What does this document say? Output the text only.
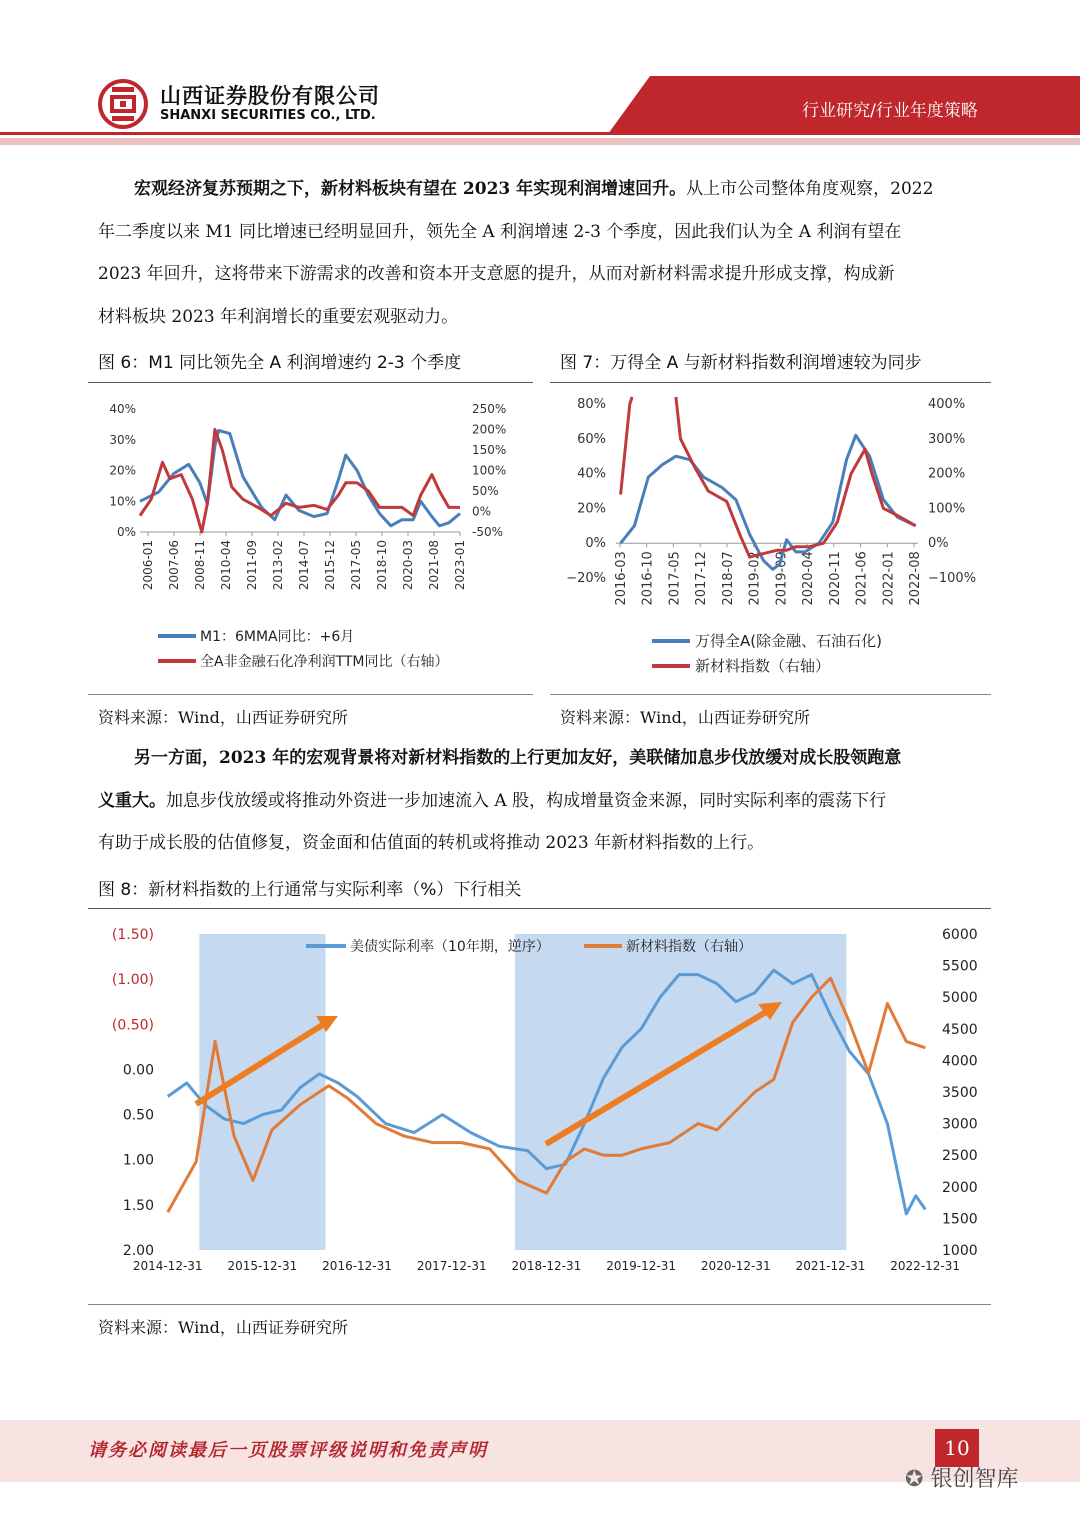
山西证券股份有限公司
SHANXI SECURITIES CO., LTD.	行业研究/行业年度策略
宏观经济复苏预期之下，新材料板块有望在 2023 年实现利润增速回升。从上市公司整体角度观察，2022
年二季度以来 M1 同比增速已经明显回升，领先全 A 利润增速 2-3 个季度，因此我们认为全 A 利润有望在
2023 年回升，这将带来下游需求的改善和资本开支意愿的提升，从而对新材料需求提升形成支撑，构成新
材料板块 2023 年利润增长的重要宏观驱动力。
图 6：M1 同比领先全 A 利润增速约 2-3 个季度
40%
30%
20%
10%
0%
250%
200%
150%
100%
50%
0%
-50%
2006-01 2007-06 2008-11 2010-04 2011-09 2013-02 2014-07 2015-12 2017-05 2018-10 2020-03 2021-08 2023-01
M1：6MMA同比：+6月
全A非金融石化净利润TTM同比（右轴）
资料来源：Wind，山西证券研究所
图 7：万得全 A 与新材料指数利润增速较为同步
80%
60%
40%
20%
0%
−20%
400%
300%
200%
100%
0%
−100%
2016-03 2016-10 2017-05 2017-12 2018-07 2019-02 2019-09 2020-04 2020-11 2021-06 2022-01 2022-08
万得全A(除金融、石油石化)
新材料指数（右轴）
资料来源：Wind，山西证券研究所
另一方面，2023 年的宏观背景将对新材料指数的上行更加友好，美联储加息步伐放缓对成长股领跑意
义重大。加息步伐放缓或将推动外资进一步加速流入 A 股，构成增量资金来源，同时实际利率的震荡下行
有助于成长股的估值修复，资金面和估值面的转机或将推动 2023 年新材料指数的上行。
图 8：新材料指数的上行通常与实际利率（%）下行相关
(1.50)
(1.00)
(0.50)
0.00
0.50
1.00
1.50
2.00
6000
5500
5000
4500
4000
3500
3000
2500
2000
1500
1000
2014-12-31 2015-12-31 2016-12-31 2017-12-31 2018-12-31 2019-12-31 2020-12-31 2021-12-31 2022-12-31
美债实际利率（10年期，逆序）	新材料指数（右轴）
资料来源：Wind，山西证券研究所
请务必阅读最后一页股票评级说明和免责声明	10
✪ 银创智库
